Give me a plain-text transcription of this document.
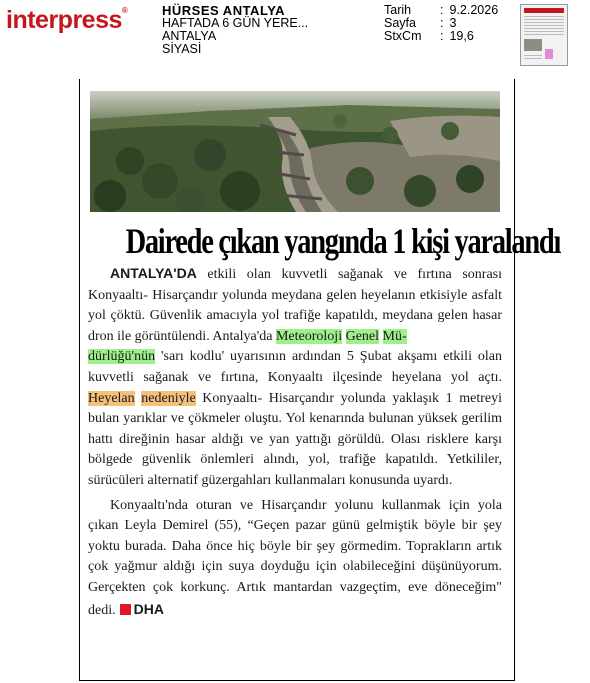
interpress®	HÜRSES ANTALYA
HAFTADA 6 GÜN YERE...
ANTALYA
SİYASİ
Tarih	: 9.2.2026
Sayfa	: 3
StxCm	: 19,6
Dairede çıkan yangında 1 kişi yaralandı

ANTALYA'DA etkili olan kuvvetli sağanak ve fırtına sonrası Konyaaltı- Hisarçandır yolunda meydana gelen heyelanın etkisiyle asfalt yol çöktü. Güvenlik amacıyla yol trafiğe kapatıldı, meydana gelen hasar dron ile görüntülendi. Antalya'da Meteoroloji Genel Mü-
dürlüğü'nün 'sarı kodlu' uyarısının ardından 5 Şubat akşamı etkili olan kuvvetli sağanak ve fırtına, Konyaaltı ilçesinde heyelana yol açtı. Heyelan nedeniyle Konyaaltı- Hisarçandır yolunda yaklaşık 1 metreyi bulan yarıklar ve çökmeler oluştu. Yol kenarında bulunan yüksek gerilim hattı direğinin hasar aldığı ve yan yattığı görüldü. Olası risklere karşı bölgede güvenlik önlemleri alındı, yol, trafiğe kapatıldı. Yetkililer, sürücüleri alternatif güzergahları kullanmaları konusunda uyardı.

Konyaaltı'nda oturan ve Hisarçandır yolunu kullanmak için yola çıkan Leyla Demirel (55), “Geçen pazar günü gelmiştik böyle bir şey yoktu burada. Daha önce hiç böyle bir şey görmedim. Toprakların artık çok yağmur aldığı için suya doyduğu için olabileceğini düşünüyorum. Gerçekten çok korkunç. Artık mantardan vazgeçtim, eve döneceğim" dedi. DHA
